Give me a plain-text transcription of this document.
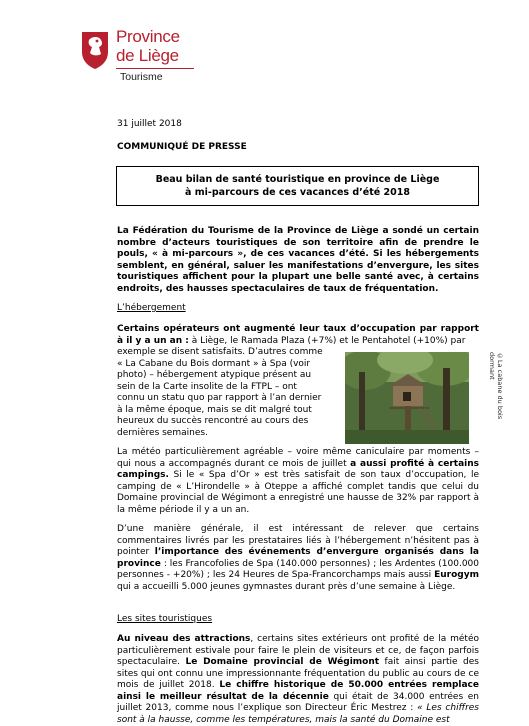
Province
de Liège
Tourisme
31 juillet 2018
COMMUNIQUÉ DE PRESSE
Beau bilan de santé touristique en province de Liège
à mi-parcours de ces vacances d’été 2018
La Fédération du Tourisme de la Province de Liège a sondé un certain nombre d’acteurs touristiques de son territoire afin de prendre le pouls, « à mi-parcours », de ces vacances d’été. Si les hébergements semblent, en général, saluer les manifestations d’envergure, les sites touristiques affichent pour la plupart une belle santé avec, à certains endroits, des hausses spectaculaires de taux de fréquentation.
L’hébergement
Certains opérateurs ont augmenté leur taux d’occupation par rapport à il y a un an : à Liège, le Ramada Plaza (+7%) et le Pentahotel (+10%) par
exemple se disent satisfaits. D’autres comme
« La Cabane du Bois dormant » à Spa (voir
photo) – hébergement atypique présent au
sein de la Carte insolite de la FTPL – ont
connu un statu quo par rapport à l’an dernier
à la même époque, mais se dit malgré tout
heureux du succès rencontré au cours des
dernières semaines.
©La cabane du bois dormant
La météo particulièrement agréable – voire même caniculaire par moments – qui nous a accompagnés durant ce mois de juillet a aussi profité à certains campings. Si le « Spa d’Or » est très satisfait de son taux d’occupation, le camping de « L’Hirondelle » à Oteppe a affiché complet tandis que celui du Domaine provincial de Wégimont a enregistré une hausse de 32% par rapport à la même période il y a un an.
D’une manière générale, il est intéressant de relever que certains commentaires livrés par les prestataires liés à l’hébergement n’hésitent pas à pointer l’importance des événements d’envergure organisés dans la province : les Francofolies de Spa (140.000 personnes) ; les Ardentes (100.000 personnes - +20%) ; les 24 Heures de Spa-Francorchamps mais aussi Eurogym qui a accueilli 5.000 jeunes gymnastes durant près d’une semaine à Liège.
Les sites touristiques
Au niveau des attractions, certains sites extérieurs ont profité de la météo particulièrement estivale pour faire le plein de visiteurs et ce, de façon parfois spectaculaire. Le Domaine provincial de Wégimont fait ainsi partie des sites qui ont connu une impressionnante fréquentation du public au cours de ce mois de juillet 2018. Le chiffre historique de 50.000 entrées remplace ainsi le meilleur résultat de la décennie qui était de 34.000 entrées en juillet 2013, comme nous l’explique son Directeur Éric Mestrez : « Les chiffres sont à la hausse, comme les températures, mais la santé du Domaine est
